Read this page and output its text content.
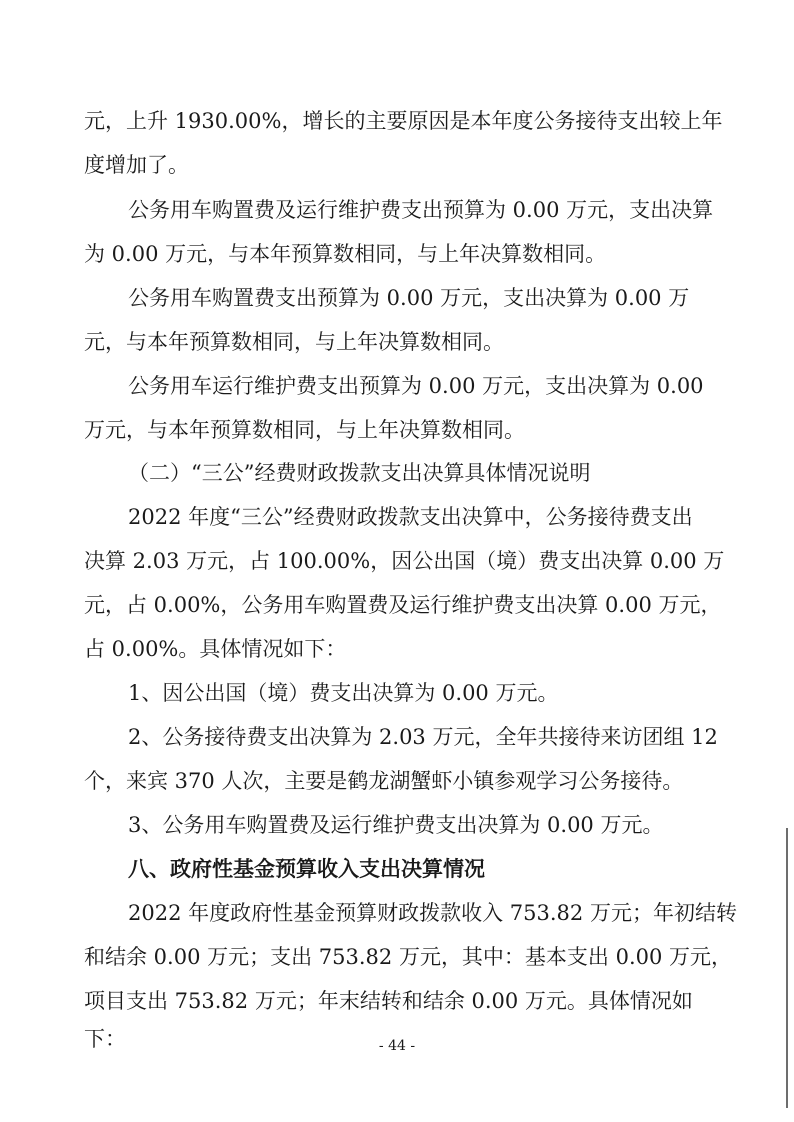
元，上升 1930.00%，增长的主要原因是本年度公务接待支出较上年
度增加了。
公务用车购置费及运行维护费支出预算为 0.00 万元，支出决算
为 0.00 万元，与本年预算数相同，与上年决算数相同。
公务用车购置费支出预算为 0.00 万元，支出决算为 0.00 万
元，与本年预算数相同，与上年决算数相同。
公务用车运行维护费支出预算为 0.00 万元，支出决算为 0.00
万元，与本年预算数相同，与上年决算数相同。
（二）“三公”经费财政拨款支出决算具体情况说明
2022 年度“三公”经费财政拨款支出决算中，公务接待费支出
决算 2.03 万元，占 100.00%，因公出国（境）费支出决算 0.00 万
元，占 0.00%，公务用车购置费及运行维护费支出决算 0.00 万元，
占 0.00%。具体情况如下：
1、因公出国（境）费支出决算为 0.00 万元。
2、公务接待费支出决算为 2.03 万元，全年共接待来访团组 12
个，来宾 370 人次，主要是鹤龙湖蟹虾小镇参观学习公务接待。
3、公务用车购置费及运行维护费支出决算为 0.00 万元。
八、政府性基金预算收入支出决算情况
2022 年度政府性基金预算财政拨款收入 753.82 万元；年初结转
和结余 0.00 万元；支出 753.82 万元，其中：基本支出 0.00 万元，
项目支出 753.82 万元；年末结转和结余 0.00 万元。具体情况如
下：	- 44 -
